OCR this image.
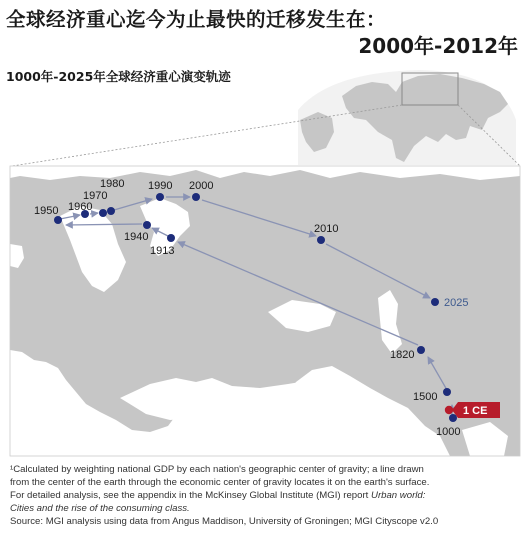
全球经济重心迄今为止最快的迁移发生在：
2000年-2012年
1000年-2025年全球经济重心演变轨迹
1 CE
1000
1500
1820
1913
1940
1950 1960
1970
1980 1990 2000
2010
2025

¹Calculated by weighting national GDP by each nation's geographic center of gravity; a line drawn

from the center of the earth through the economic center of gravity locates it on the earth's surface.

For detailed analysis, see the appendix in the McKinsey Global Institute (MGI) report Urban world:

Cities and the rise of the consuming class.

Source: MGI analysis using data from Angus Maddison, University of Groningen; MGI Cityscope v2.0
